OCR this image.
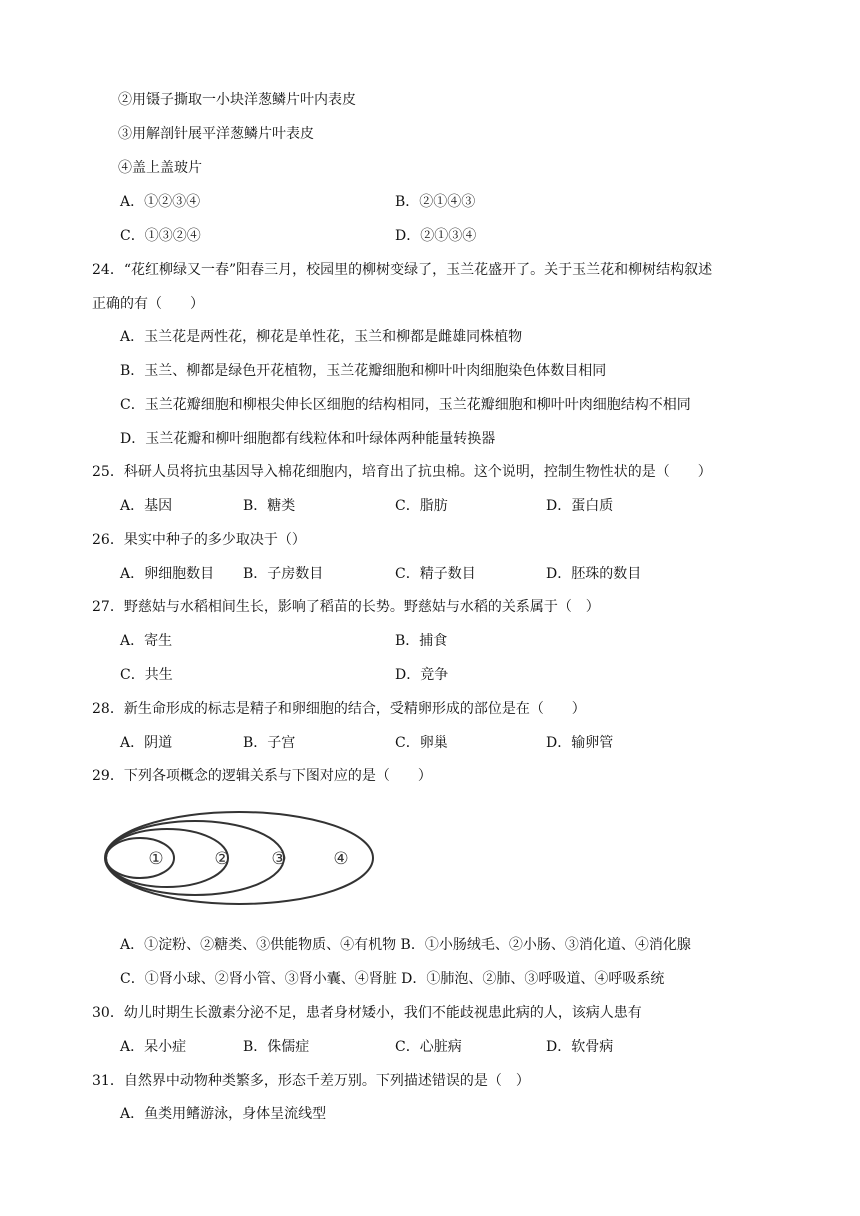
②用镊子撕取一小块洋葱鳞片叶内表皮
③用解剖针展平洋葱鳞片叶表皮
④盖上盖玻片
A．①②③④	B．②①④③
C．①③②④	D．②①③④
24．“花红柳绿又一春”阳春三月，校园里的柳树变绿了，玉兰花盛开了。关于玉兰花和柳树结构叙述
正确的有（　　）
A．玉兰花是两性花，柳花是单性花，玉兰和柳都是雌雄同株植物
B．玉兰、柳都是绿色开花植物，玉兰花瓣细胞和柳叶叶肉细胞染色体数目相同
C．玉兰花瓣细胞和柳根尖伸长区细胞的结构相同，玉兰花瓣细胞和柳叶叶肉细胞结构不相同
D．玉兰花瓣和柳叶细胞都有线粒体和叶绿体两种能量转换器
25．科研人员将抗虫基因导入棉花细胞内，培育出了抗虫棉。这个说明，控制生物性状的是（　　）
A．基因	B．糖类	C．脂肪	D．蛋白质
26．果实中种子的多少取决于（）
A．卵细胞数目 B．子房数目	C．精子数目	D．胚珠的数目
27．野慈姑与水稻相间生长，影响了稻苗的长势。野慈姑与水稻的关系属于（　）
A．寄生	B．捕食
C．共生	D．竞争
28．新生命形成的标志是精子和卵细胞的结合，受精卵形成的部位是在（　　）
A．阴道	B．子宫	C．卵巢	D．输卵管
29．下列各项概念的逻辑关系与下图对应的是（　　）
①	② ③	④
A．①淀粉、②糖类、③供能物质、④有机物 B．①小肠绒毛、②小肠、③消化道、④消化腺
C．①肾小球、②肾小管、③肾小囊、④肾脏 D．①肺泡、②肺、③呼吸道、④呼吸系统
30．幼儿时期生长激素分泌不足，患者身材矮小，我们不能歧视患此病的人，该病人患有
A．呆小症	B．侏儒症	C．心脏病	D．软骨病
31．自然界中动物种类繁多，形态千差万别。下列描述错误的是（　）
A．鱼类用鳍游泳，身体呈流线型
